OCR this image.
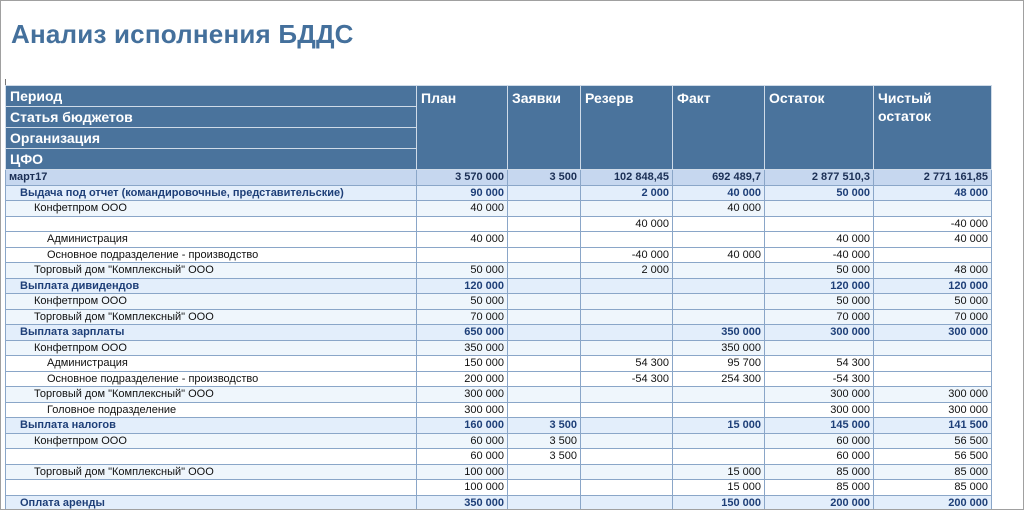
Анализ исполнения БДДС
Период	План	Заявки	Резерв	Факт	Остаток	Чистый
остаток
Статья бюджетов						
Организация						
ЦФО						
март17	3 570 000	3 500	102 848,45	692 489,7	2 877 510,3	2 771 161,85
Выдача под отчет (командировочные, представительские)	90 000		2 000	40 000	50 000	48 000
Конфетпром ООО	40 000			40 000		
			40 000			-40 000
Администрация	40 000				40 000	40 000
Основное подразделение - производство			-40 000	40 000	-40 000	
Торговый дом "Комплексный" ООО	50 000		2 000		50 000	48 000
Выплата дивидендов	120 000				120 000	120 000
Конфетпром ООО	50 000				50 000	50 000
Торговый дом "Комплексный" ООО	70 000				70 000	70 000
Выплата зарплаты	650 000			350 000	300 000	300 000
Конфетпром ООО	350 000			350 000		
Администрация	150 000		54 300	95 700	54 300	
Основное подразделение - производство	200 000		-54 300	254 300	-54 300	
Торговый дом "Комплексный" ООО	300 000				300 000	300 000
Головное подразделение	300 000				300 000	300 000
Выплата налогов	160 000	3 500		15 000	145 000	141 500
Конфетпром ООО	60 000	3 500			60 000	56 500
	60 000	3 500			60 000	56 500
Торговый дом "Комплексный" ООО	100 000			15 000	85 000	85 000
	100 000			15 000	85 000	85 000
Оплата аренды	350 000			150 000	200 000	200 000
